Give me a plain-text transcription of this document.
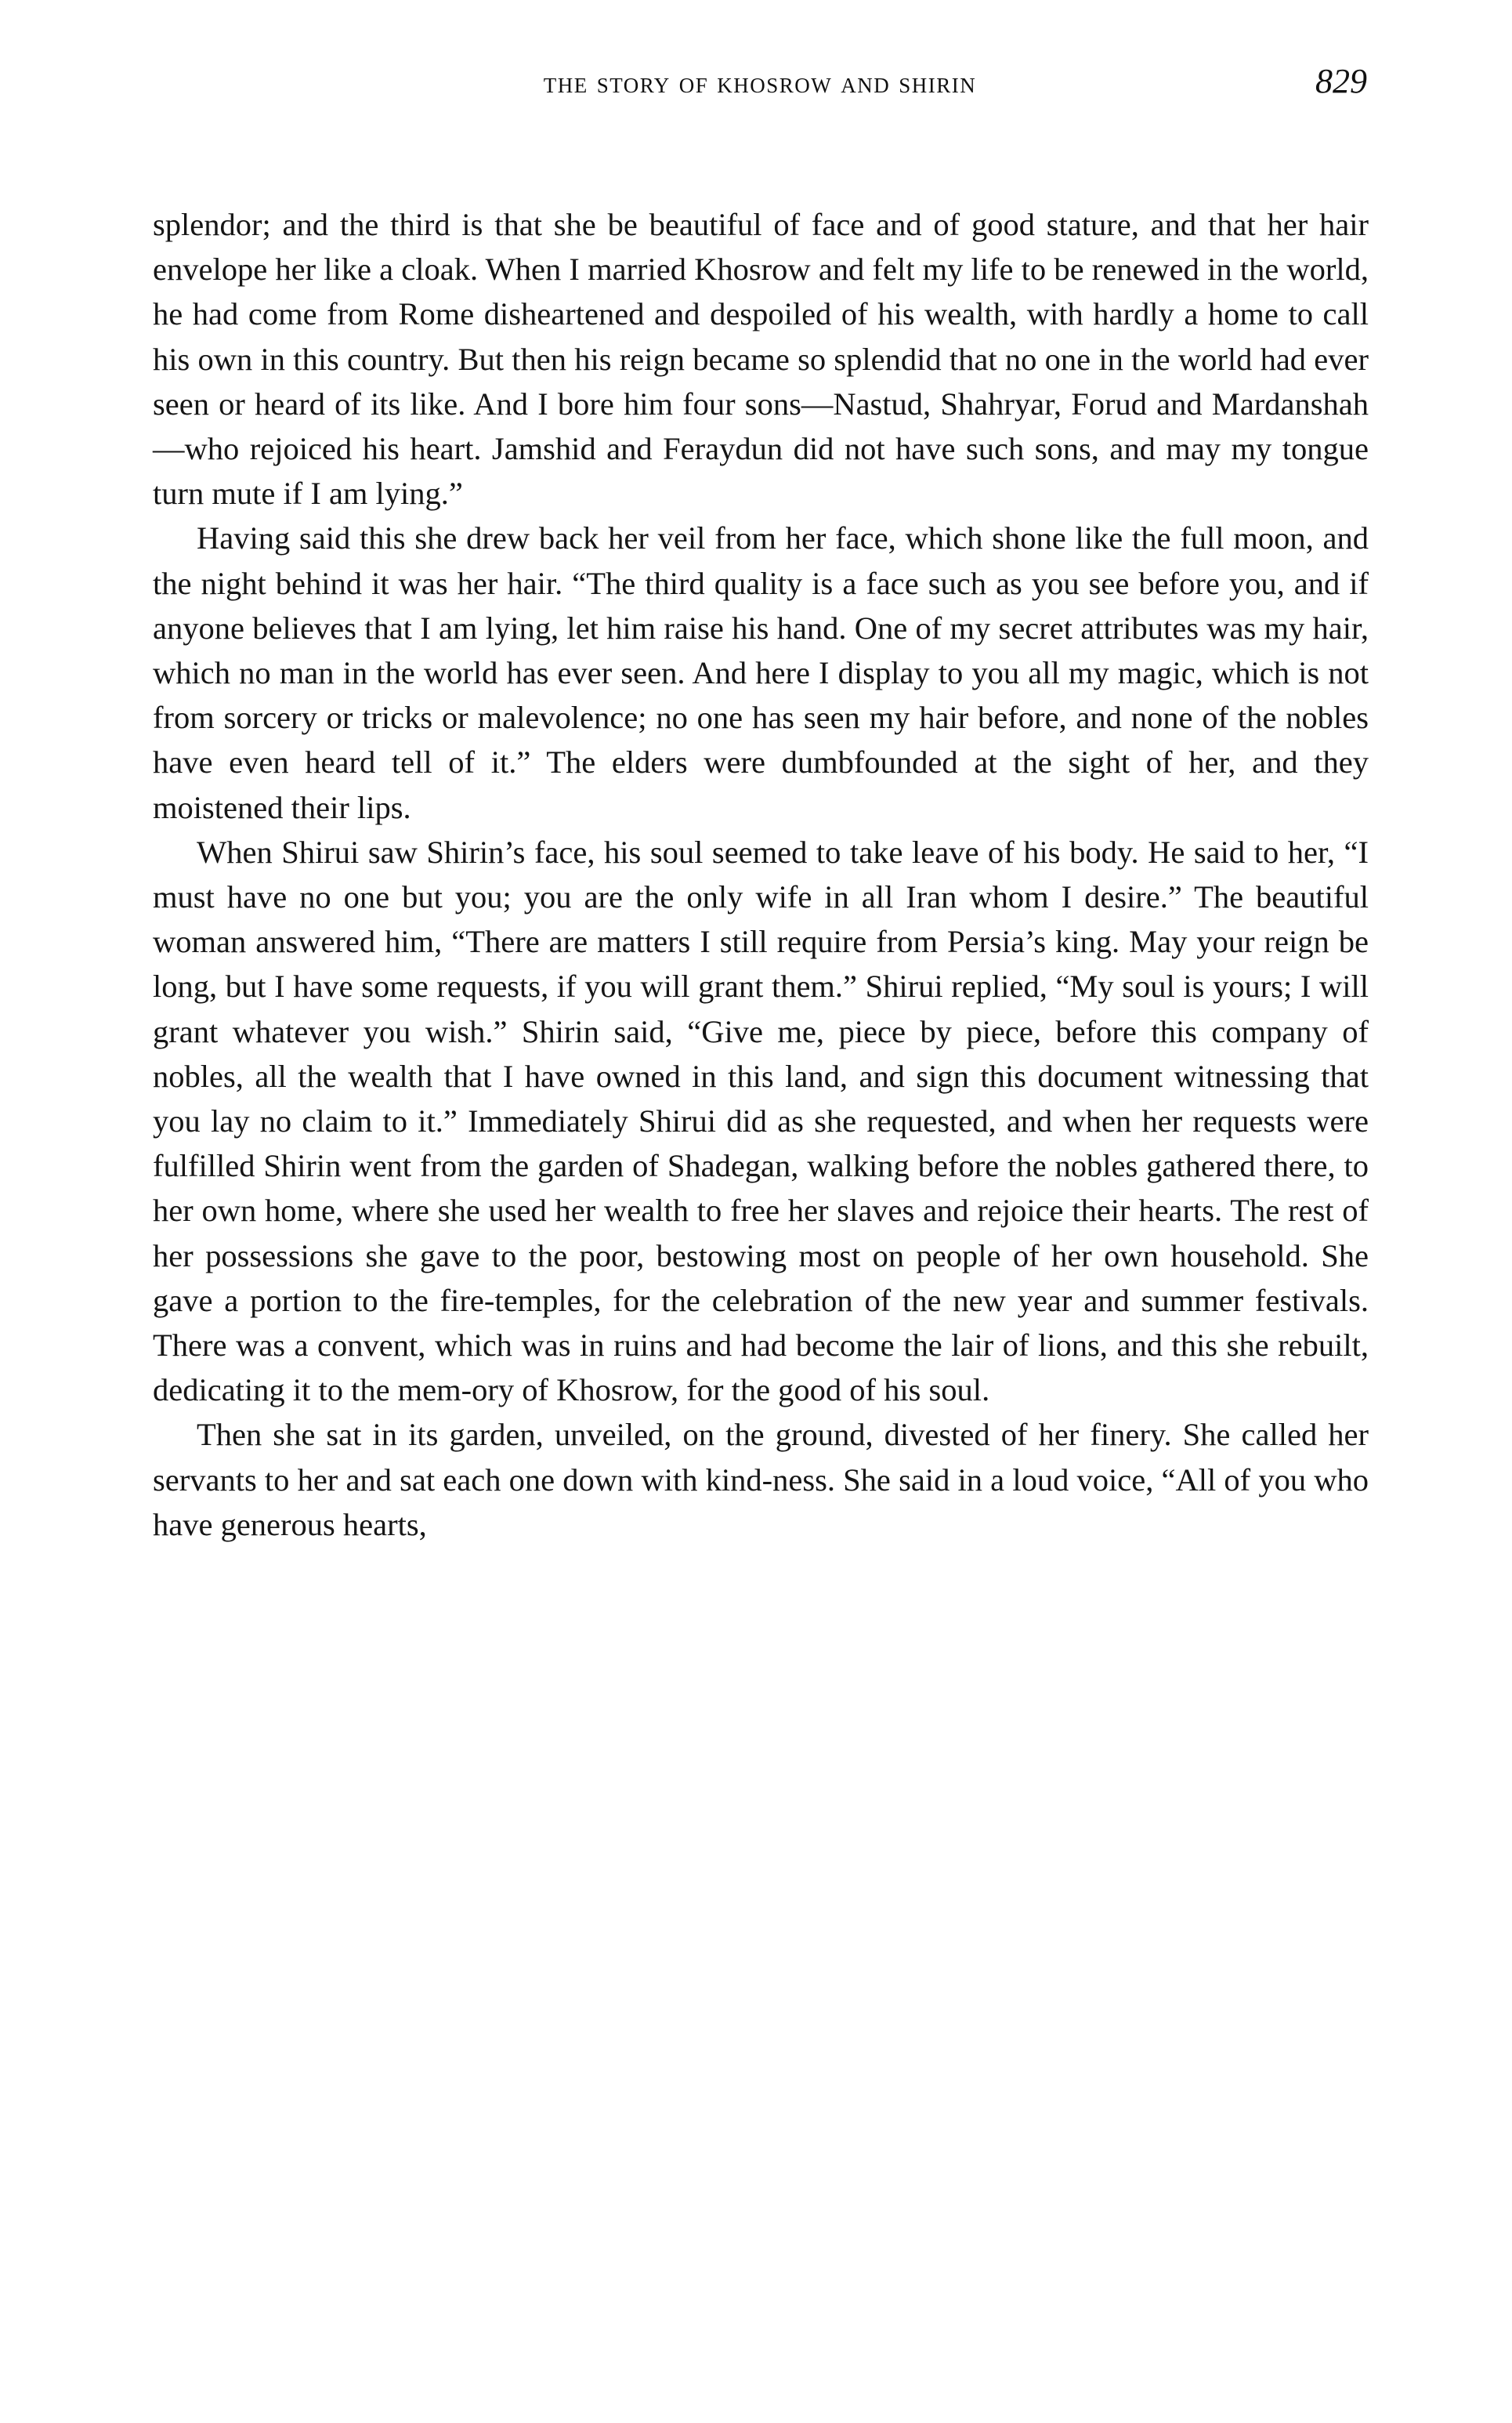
the story of khosrow and shirin	829

splendor; and the third is that she be beautiful of face and of good stature, and that her hair envelope her like a cloak. When I married Khosrow and felt my life to be renewed in the world, he had come from Rome disheartened and despoiled of his wealth, with hardly a home to call his own in this country. But then his reign became so splendid that no one in the world had ever seen or heard of its like. And I bore him four sons—Nastud, Shahryar, Forud and Mardanshah—who rejoiced his heart. Jamshid and Feraydun did not have such sons, and may my tongue turn mute if I am lying.”

Having said this she drew back her veil from her face, which shone like the full moon, and the night behind it was her hair. “The third quality is a face such as you see before you, and if anyone believes that I am lying, let him raise his hand. One of my secret attributes was my hair, which no man in the world has ever seen. And here I display to you all my magic, which is not from sorcery or tricks or malevolence; no one has seen my hair before, and none of the nobles have even heard tell of it.” The elders were dumbfounded at the sight of her, and they moistened their lips.

When Shirui saw Shirin’s face, his soul seemed to take leave of his body. He said to her, “I must have no one but you; you are the only wife in all Iran whom I desire.” The beautiful woman answered him, “There are matters I still require from Persia’s king. May your reign be long, but I have some requests, if you will grant them.” Shirui replied, “My soul is yours; I will grant whatever you wish.” Shirin said, “Give me, piece by piece, before this company of nobles, all the wealth that I have owned in this land, and sign this document witnessing that you lay no claim to it.” Immediately Shirui did as she requested, and when her requests were fulfilled Shirin went from the garden of Shadegan, walking before the nobles gathered there, to her own home, where she used her wealth to free her slaves and rejoice their hearts. The rest of her possessions she gave to the poor, bestowing most on people of her own household. She gave a portion to the fire-temples, for the celebration of the new year and summer festivals. There was a convent, which was in ruins and had become the lair of lions, and this she rebuilt, dedicating it to the mem-ory of Khosrow, for the good of his soul.

Then she sat in its garden, unveiled, on the ground, divested of her finery. She called her servants to her and sat each one down with kind-ness. She said in a loud voice, “All of you who have generous hearts,
